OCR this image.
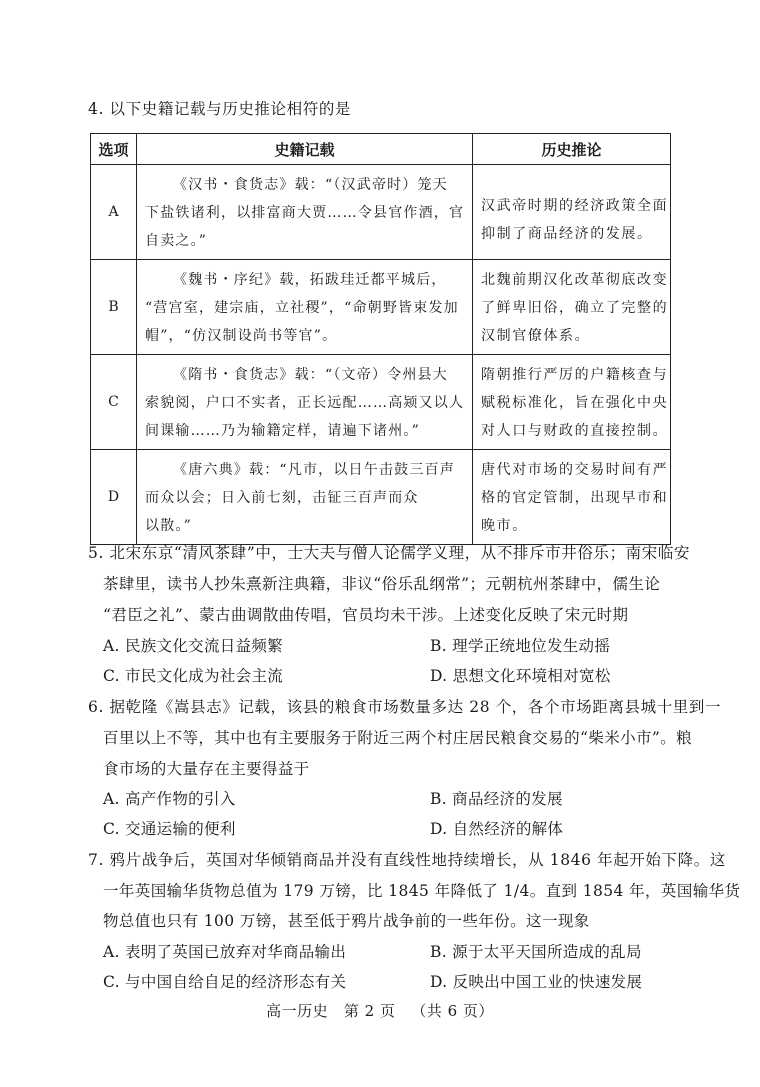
4. 以下史籍记载与历史推论相符的是
选项	史籍记载	历史推论
A	《汉书・食货志》载：“（汉武帝时）笼天
下盐铁诸利，以排富商大贾……令县官作酒，官
自卖之。”	汉武帝时期的经济政策全面
抑制了商品经济的发展。

B	《魏书・序纪》载，拓跋珪迁都平城后，
“营宫室，建宗庙，立社稷”，“命朝野皆束发加
帽”，“仿汉制设尚书等官”。	北魏前期汉化改革彻底改变
了鲜卑旧俗，确立了完整的
汉制官僚体系。

C	《隋书・食货志》载：“（文帝）令州县大
索貌阅，户口不实者，正长远配……高颎又以人
间课输……乃为输籍定样，请遍下诸州。”	隋朝推行严厉的户籍核查与
赋税标准化，旨在强化中央
对人口与财政的直接控制。

D	《唐六典》载：“凡市，以日午击鼓三百声
而众以会；日入前七刻，击钲三百声而众
以散。”	唐代对市场的交易时间有严
格的官定管制，出现早市和
晚市。
5. 北宋东京“清风茶肆”中，士大夫与僧人论儒学义理，从不排斥市井俗乐；南宋临安
茶肆里，读书人抄朱熹新注典籍，非议“俗乐乱纲常”；元朝杭州茶肆中，儒生论
“君臣之礼”、蒙古曲调散曲传唱，官员均未干涉。上述变化反映了宋元时期
A. 民族文化交流日益频繁	B. 理学正统地位发生动摇
C. 市民文化成为社会主流	D. 思想文化环境相对宽松
6. 据乾隆《嵩县志》记载，该县的粮食市场数量多达 28 个，各个市场距离县城十里到一
百里以上不等，其中也有主要服务于附近三两个村庄居民粮食交易的“柴米小市”。粮
食市场的大量存在主要得益于
A. 高产作物的引入	B. 商品经济的发展
C. 交通运输的便利	D. 自然经济的解体
7. 鸦片战争后，英国对华倾销商品并没有直线性地持续增长，从 1846 年起开始下降。这
一年英国输华货物总值为 179 万镑，比 1845 年降低了 1/4。直到 1854 年，英国输华货
物总值也只有 100 万镑，甚至低于鸦片战争前的一些年份。这一现象
A. 表明了英国已放弃对华商品输出	B. 源于太平天国所造成的乱局
C. 与中国自给自足的经济形态有关	D. 反映出中国工业的快速发展
高一历史   第 2 页   （共 6 页）
